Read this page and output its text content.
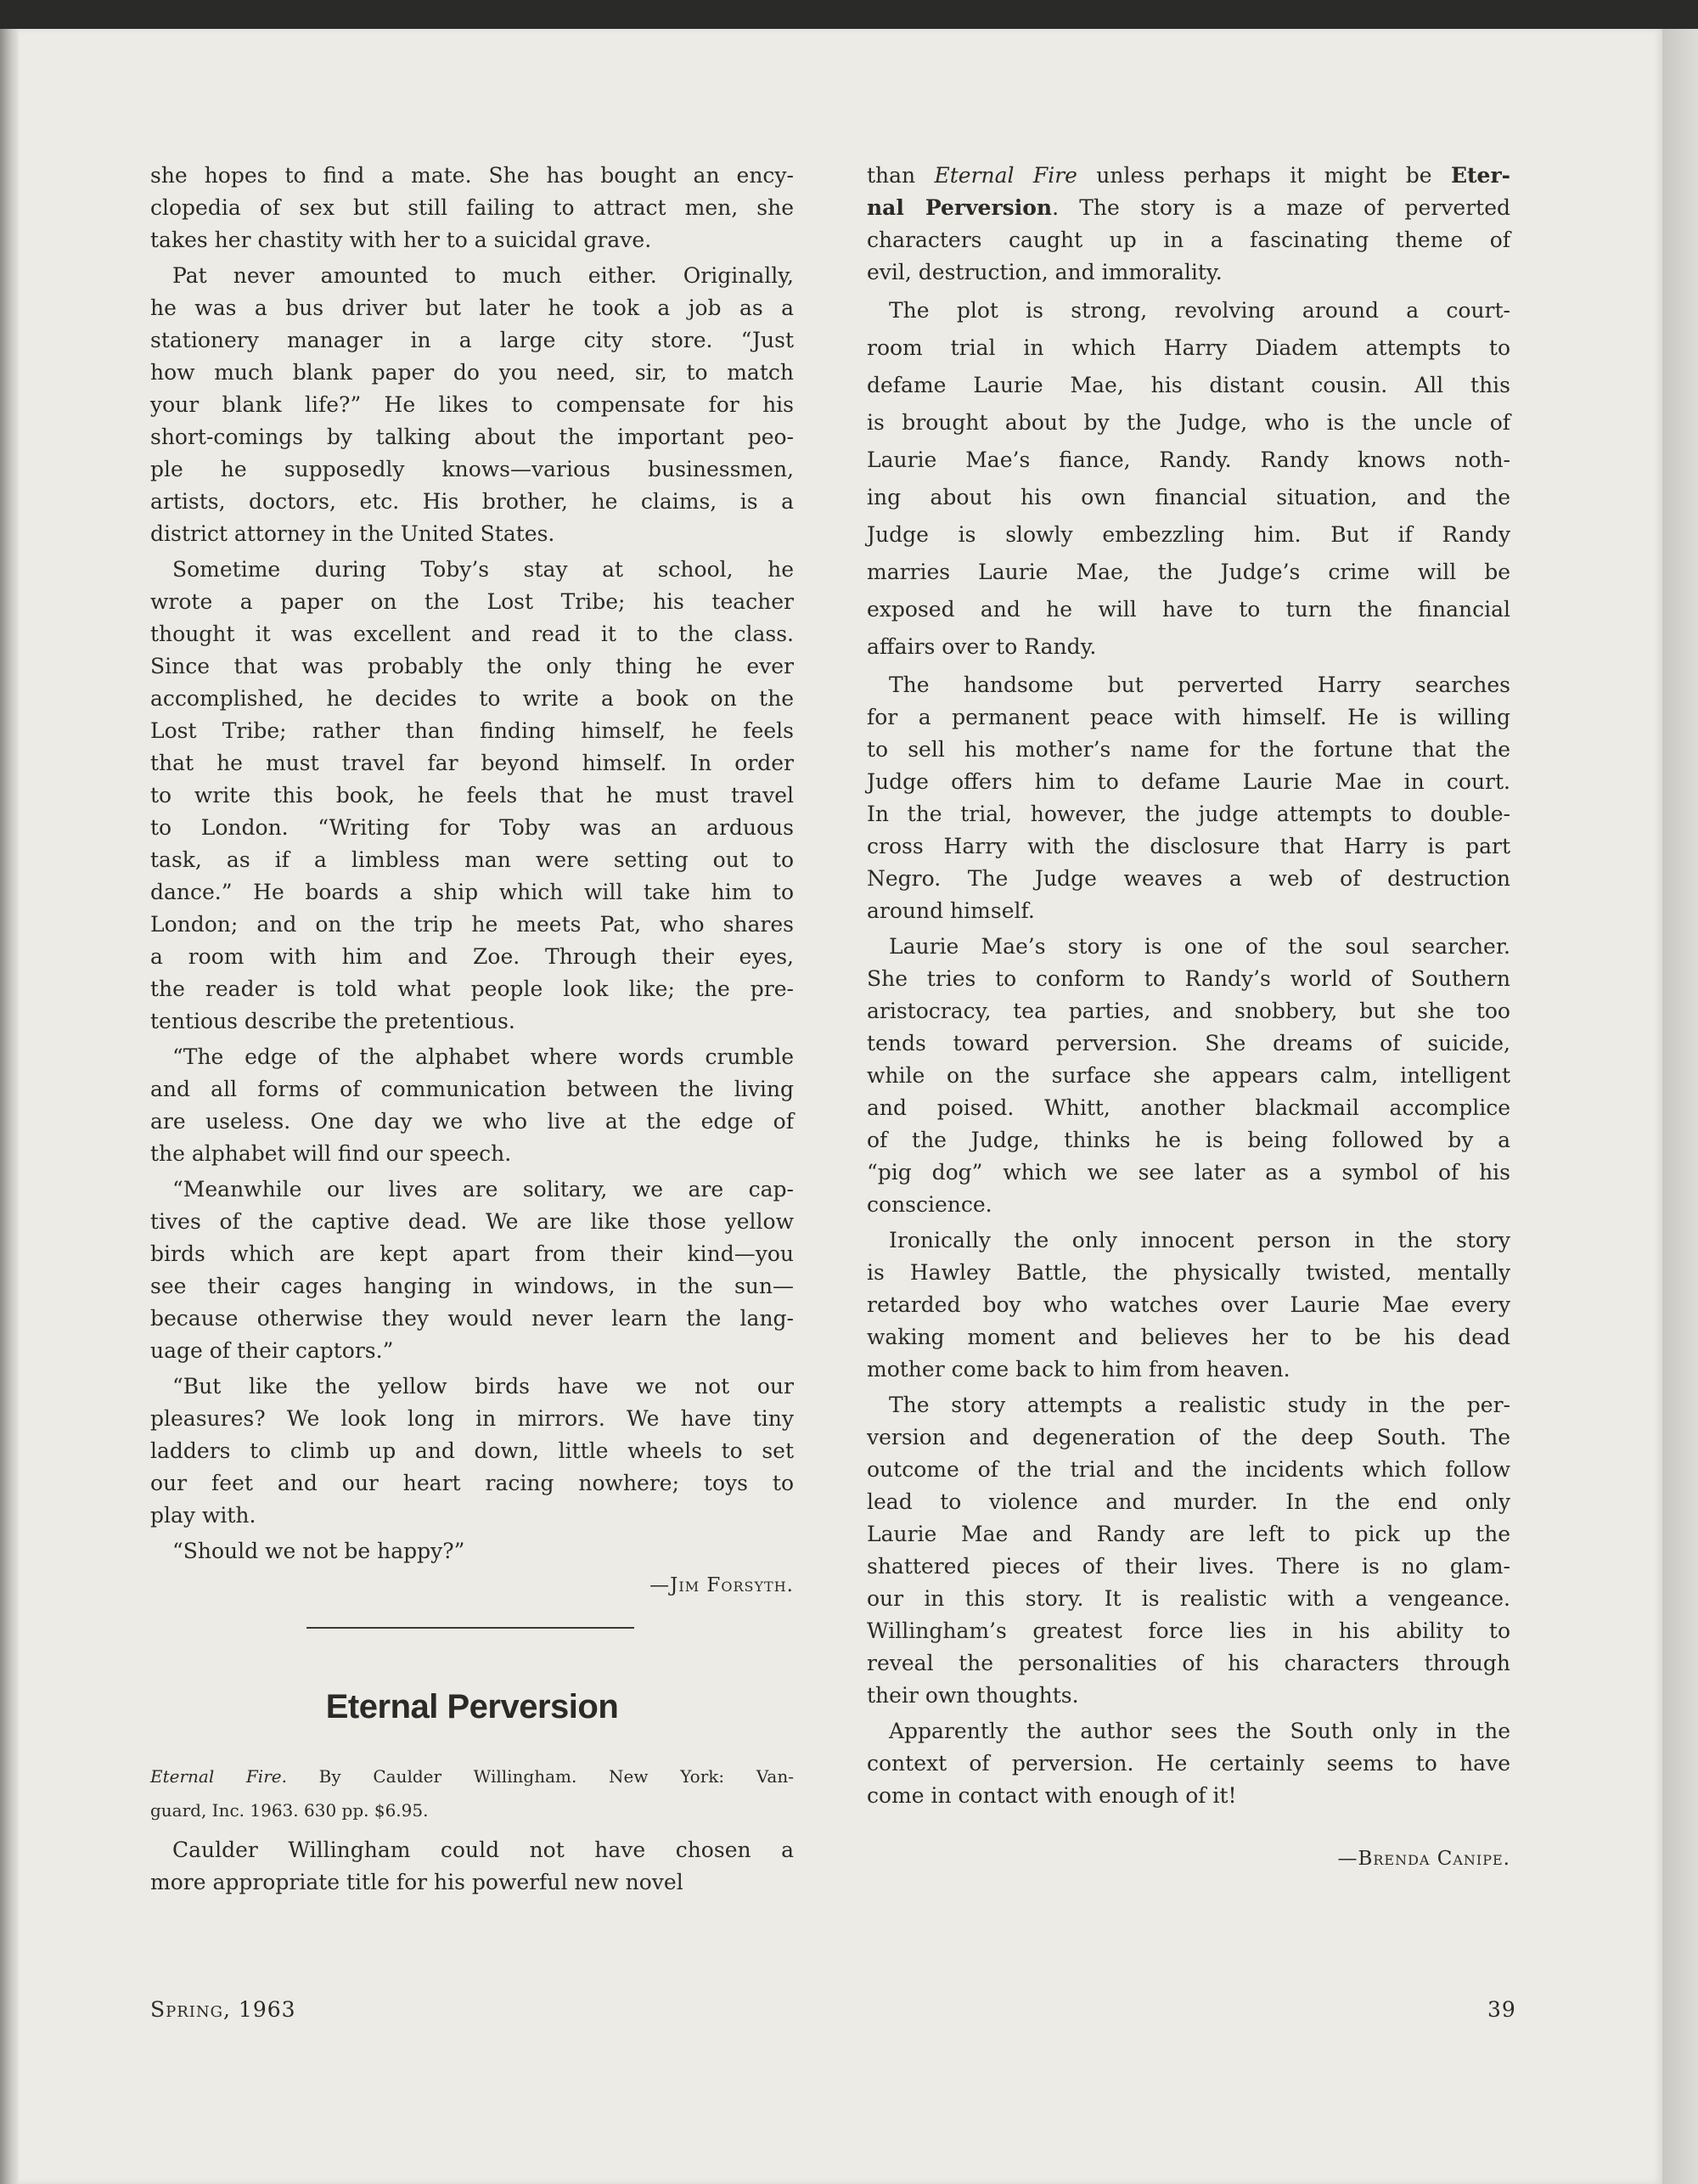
she hopes to find a mate. She has bought an ency-
clopedia of sex but still failing to attract men, she
takes her chastity with her to a suicidal grave.
Pat never amounted to much either. Originally,
he was a bus driver but later he took a job as a
stationery manager in a large city store. “Just
how much blank paper do you need, sir, to match
your blank life?” He likes to compensate for his
short-comings by talking about the important peo-
ple he supposedly knows—various businessmen,
artists, doctors, etc. His brother, he claims, is a
district attorney in the United States.
Sometime during Toby’s stay at school, he
wrote a paper on the Lost Tribe; his teacher
thought it was excellent and read it to the class.
Since that was probably the only thing he ever
accomplished, he decides to write a book on the
Lost Tribe; rather than finding himself, he feels
that he must travel far beyond himself. In order
to write this book, he feels that he must travel
to London. “Writing for Toby was an arduous
task, as if a limbless man were setting out to
dance.” He boards a ship which will take him to
London; and on the trip he meets Pat, who shares
a room with him and Zoe. Through their eyes,
the reader is told what people look like; the pre-
tentious describe the pretentious.
“The edge of the alphabet where words crumble
and all forms of communication between the living
are useless. One day we who live at the edge of
the alphabet will find our speech.
“Meanwhile our lives are solitary, we are cap-
tives of the captive dead. We are like those yellow
birds which are kept apart from their kind—you
see their cages hanging in windows, in the sun—
because otherwise they would never learn the lang-
uage of their captors.”
“But like the yellow birds have we not our
pleasures? We look long in mirrors. We have tiny
ladders to climb up and down, little wheels to set
our feet and our heart racing nowhere; toys to
play with.
“Should we not be happy?”
—Jim Forsyth.
than Eternal Fire unless perhaps it might be Eter-
nal Perversion. The story is a maze of perverted
characters caught up in a fascinating theme of
evil, destruction, and immorality.
The plot is strong, revolving around a court-
room trial in which Harry Diadem attempts to
defame Laurie Mae, his distant cousin. All this
is brought about by the Judge, who is the uncle of
Laurie Mae’s fiance, Randy. Randy knows noth-
ing about his own financial situation, and the
Judge is slowly embezzling him. But if Randy
marries Laurie Mae, the Judge’s crime will be
exposed and he will have to turn the financial
affairs over to Randy.
The handsome but perverted Harry searches
for a permanent peace with himself. He is willing
to sell his mother’s name for the fortune that the
Judge offers him to defame Laurie Mae in court.
In the trial, however, the judge attempts to double-
cross Harry with the disclosure that Harry is part
Negro. The Judge weaves a web of destruction
around himself.
Laurie Mae’s story is one of the soul searcher.
She tries to conform to Randy’s world of Southern
aristocracy, tea parties, and snobbery, but she too
tends toward perversion. She dreams of suicide,
while on the surface she appears calm, intelligent
and poised. Whitt, another blackmail accomplice
of the Judge, thinks he is being followed by a
“pig dog” which we see later as a symbol of his
conscience.
Ironically the only innocent person in the story
is Hawley Battle, the physically twisted, mentally
retarded boy who watches over Laurie Mae every
waking moment and believes her to be his dead
mother come back to him from heaven.
The story attempts a realistic study in the per-
version and degeneration of the deep South. The
outcome of the trial and the incidents which follow
lead to violence and murder. In the end only
Laurie Mae and Randy are left to pick up the
shattered pieces of their lives. There is no glam-
our in this story. It is realistic with a vengeance.
Willingham’s greatest force lies in his ability to
reveal the personalities of his characters through
their own thoughts.
Apparently the author sees the South only in the
context of perversion. He certainly seems to have
come in contact with enough of it!
—Brenda Canipe.
Eternal Perversion
Eternal Fire. By Caulder Willingham. New York: Van-
guard, Inc. 1963. 630 pp. $6.95.
Caulder Willingham could not have chosen a
more appropriate title for his powerful new novel
Spring, 1963	39
